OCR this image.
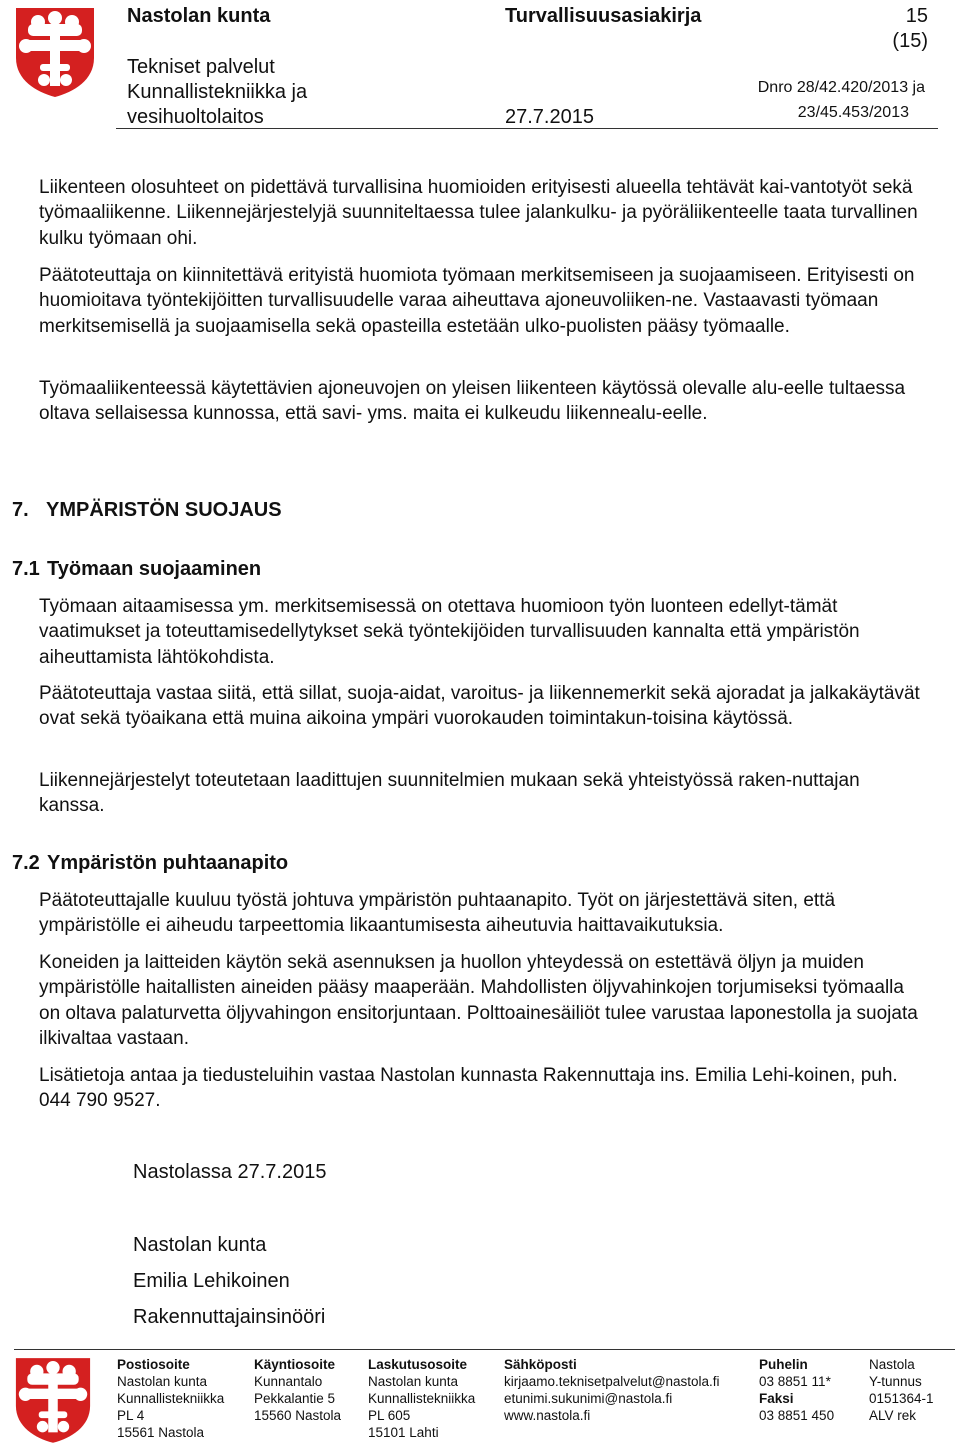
Nastolan kunta
Tekniset palvelut
Kunnallistekniikka ja
vesihuoltolaitos
Turvallisuusasiakirja
27.7.2015
15
(15)
Dnro 28/42.420/2013 ja
23/45.453/2013

Liikenteen olosuhteet on pidettävä turvallisina huomioiden erityisesti alueella tehtävät kai-vantotyöt sekä työmaaliikenne. Liikennejärjestelyjä suunniteltaessa tulee jalankulku- ja pyöräliikenteelle taata turvallinen kulku työmaan ohi.

Päätoteuttaja on kiinnitettävä erityistä huomiota työmaan merkitsemiseen ja suojaamiseen. Erityisesti on huomioitava työntekijöitten turvallisuudelle varaa aiheuttava ajoneuvoliiken-ne. Vastaavasti työmaan merkitsemisellä ja suojaamisella sekä opasteilla estetään ulko-puolisten pääsy työmaalle.

Työmaaliikenteessä käytettävien ajoneuvojen on yleisen liikenteen käytössä olevalle alu-eelle tultaessa oltava sellaisessa kunnossa, että savi- yms. maita ei kulkeudu liikennealu-eelle.

7. YMPÄRISTÖN SUOJAUS
7.1 Työmaan suojaaminen

Työmaan aitaamisessa ym. merkitsemisessä on otettava huomioon työn luonteen edellyt-tämät vaatimukset ja toteuttamisedellytykset sekä työntekijöiden turvallisuuden kannalta että ympäristön aiheuttamista lähtökohdista.

Päätoteuttaja vastaa siitä, että sillat, suoja-aidat, varoitus- ja liikennemerkit sekä ajoradat ja jalkakäytävät ovat sekä työaikana että muina aikoina ympäri vuorokauden toimintakun-toisina käytössä.

Liikennejärjestelyt toteutetaan laadittujen suunnitelmien mukaan sekä yhteistyössä raken-nuttajan kanssa.

7.2 Ympäristön puhtaanapito

Päätoteuttajalle kuuluu työstä johtuva ympäristön puhtaanapito. Työt on järjestettävä siten, että ympäristölle ei aiheudu tarpeettomia likaantumisesta aiheutuvia haittavaikutuksia.

Koneiden ja laitteiden käytön sekä asennuksen ja huollon yhteydessä on estettävä öljyn ja muiden ympäristölle haitallisten aineiden pääsy maaperään. Mahdollisten öljyvahinkojen torjumiseksi työmaalla on oltava palaturvetta öljyvahingon ensitorjuntaan. Polttoainesäiliöt tulee varustaa laponestolla ja suojata ilkivaltaa vastaan.

Lisätietoja antaa ja tiedusteluihin vastaa Nastolan kunnasta Rakennuttaja ins. Emilia Lehi-koinen, puh. 044 790 9527.

Nastolassa 27.7.2015
Nastolan kunta
Emilia Lehikoinen
Rakennuttajainsinööri
Postiosoite
Nastolan kunta
Kunnallistekniikka
PL 4
15561 Nastola
Käyntiosoite
Kunnantalo
Pekkalantie 5
15560 Nastola
Laskutusosoite
Nastolan kunta
Kunnallistekniikka
PL 605
15101 Lahti
Sähköposti
kirjaamo.teknisetpalvelut@nastola.fi
etunimi.sukunimi@nastola.fi
www.nastola.fi
Puhelin
03 8851 11*
Faksi
03 8851 450
Nastola
Y-tunnus
0151364-1
ALV rek
